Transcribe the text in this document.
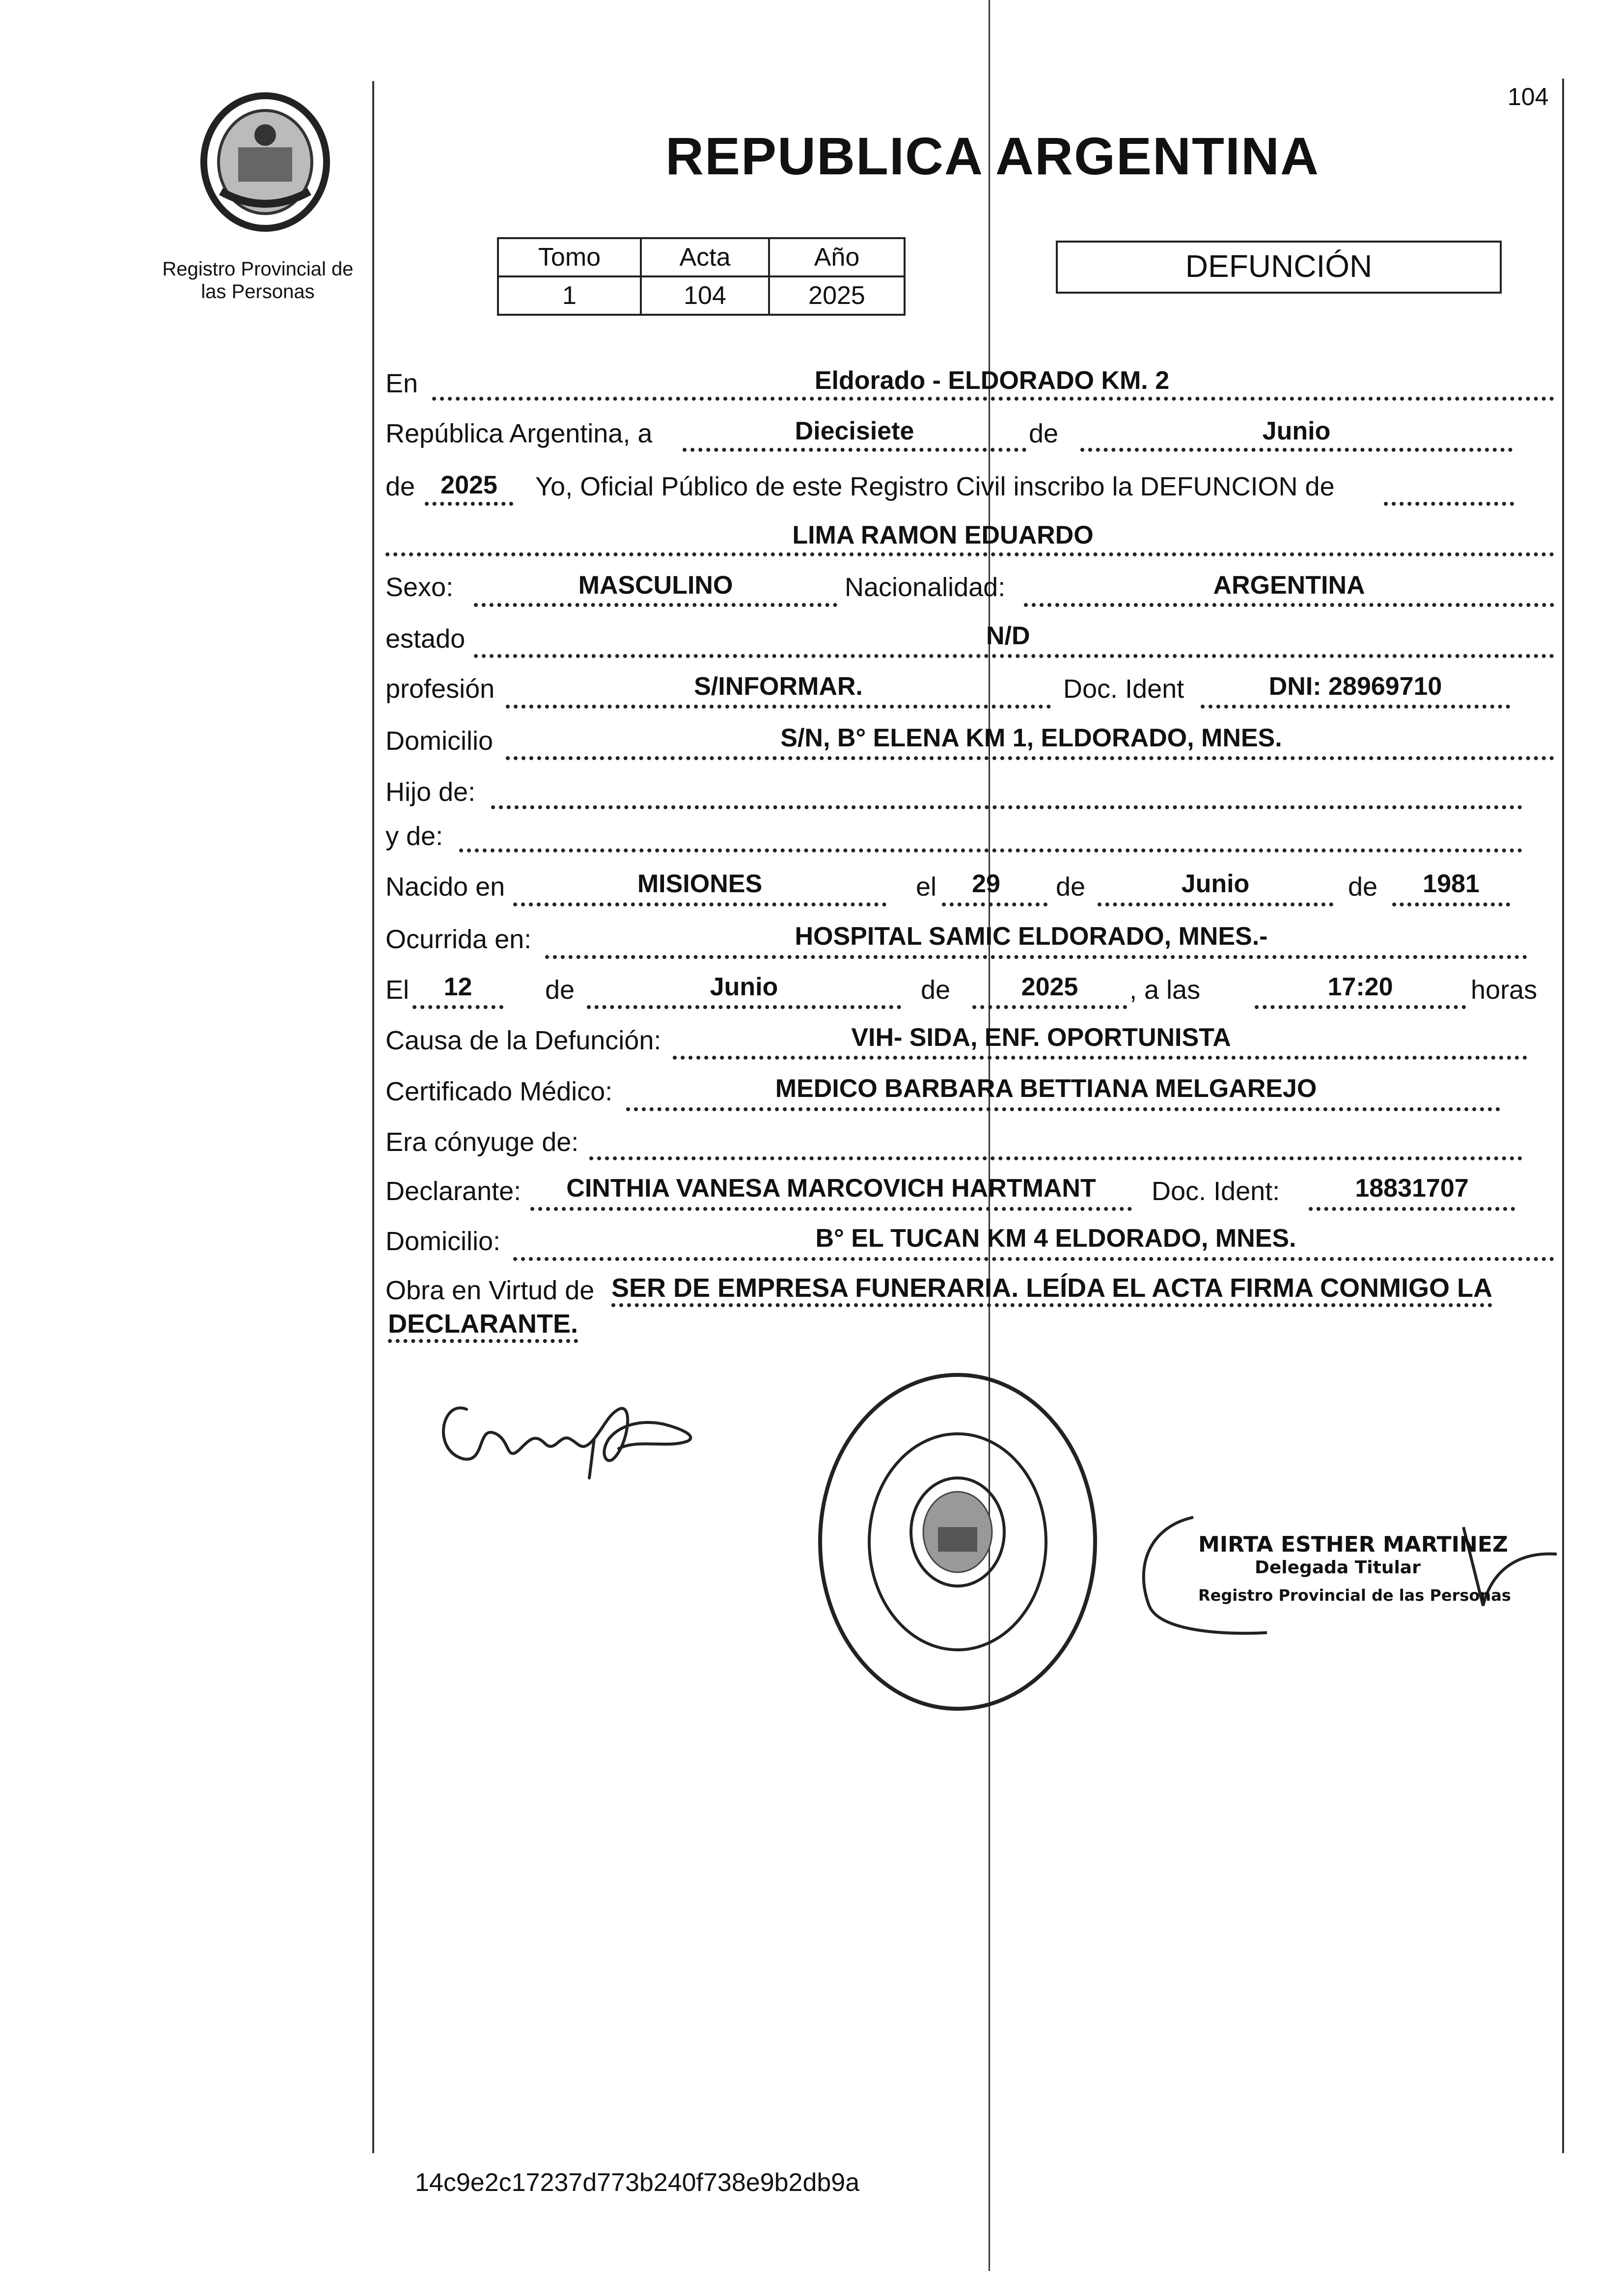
Registro Provincial de las Personas
104
REPUBLICA ARGENTINA
Tomo	Acta	Año
1	104	2025
DEFUNCIÓN
En	Eldorado - ELDORADO KM. 2
República Argentina, a	Diecisiete	de	Junio
de	2025	Yo, Oficial Público de este Registro Civil inscribo la DEFUNCION de
LIMA RAMON EDUARDO
Sexo:	MASCULINO	Nacionalidad:	ARGENTINA
estado	N/D
profesión	S/INFORMAR.	Doc. Ident	DNI: 28969710
Domicilio	S/N, B° ELENA KM 1, ELDORADO, MNES.
Hijo de:
y de:
Nacido en	MISIONES	el	29	de	Junio	de	1981
Ocurrida en:	HOSPITAL SAMIC ELDORADO, MNES.-
El	12	de	Junio	de	2025	, a las	17:20	horas
Causa de la Defunción:	VIH- SIDA, ENF. OPORTUNISTA
Certificado Médico:	MEDICO BARBARA BETTIANA MELGAREJO
Era cónyuge de:
Declarante:	CINTHIA VANESA MARCOVICH HARTMANT	Doc. Ident:	18831707
Domicilio:	B° EL TUCAN KM 4 ELDORADO, MNES.
Obra en Virtud de SER DE EMPRESA FUNERARIA. LEÍDA EL ACTA FIRMA CONMIGO LA
DECLARANTE.
MIRTA ESTHER MARTINEZ
Delegada Titular
Registro Provincial de las Personas
14c9e2c17237d773b240f738e9b2db9a
